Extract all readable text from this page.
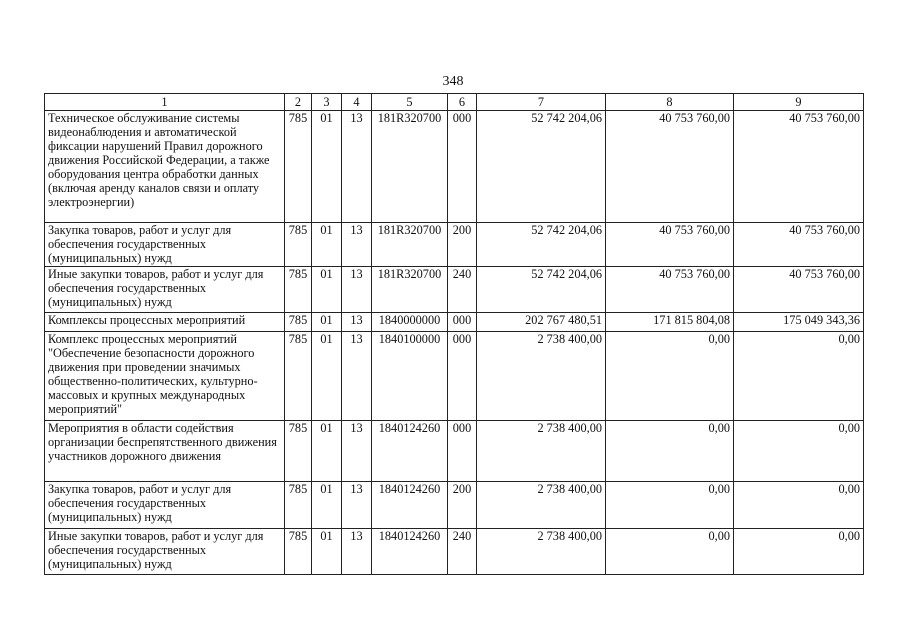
348
1	2	3	4	5	6	7	8	9
Техническое обслуживание системы видеонаблюдения и автоматической фиксации нарушений Правил дорожного движения Российской Федерации, а также оборудования центра обработки данных (включая аренду каналов связи и оплату электроэнергии)	785	01	13	181R320700	000	52 742 204,06	40 753 760,00	40 753 760,00
Закупка товаров, работ и услуг для обеспечения государственных (муниципальных) нужд	785	01	13	181R320700	200	52 742 204,06	40 753 760,00	40 753 760,00
Иные закупки товаров, работ и услуг для обеспечения государственных (муниципальных) нужд	785	01	13	181R320700	240	52 742 204,06	40 753 760,00	40 753 760,00
Комплексы процессных мероприятий	785	01	13	1840000000	000	202 767 480,51	171 815 804,08	175 049 343,36
Комплекс процессных мероприятий "Обеспечение безопасности дорожного движения при проведении значимых общественно-политических, культурно-массовых и крупных международных мероприятий"	785	01	13	1840100000	000	2 738 400,00	0,00	0,00
Мероприятия в области содействия организации беспрепятственного движения участников дорожного движения	785	01	13	1840124260	000	2 738 400,00	0,00	0,00
Закупка товаров, работ и услуг для обеспечения государственных (муниципальных) нужд	785	01	13	1840124260	200	2 738 400,00	0,00	0,00
Иные закупки товаров, работ и услуг для обеспечения государственных (муниципальных) нужд	785	01	13	1840124260	240	2 738 400,00	0,00	0,00
